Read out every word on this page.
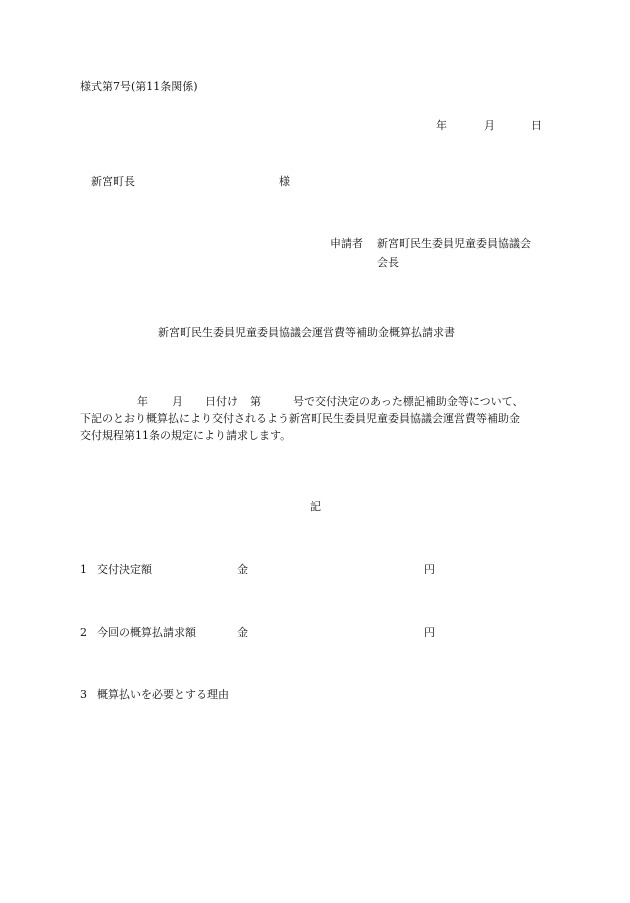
様式第7号(第11条関係)
年	月	日
新宮町長	様
申請者 新宮町民生委員児童委員協議会
会長
新宮町民生委員児童委員協議会運営費等補助金概算払請求書
年 月 日付け 第	号で交付決定のあった標記補助金等について、
下記のとおり概算払により交付されるよう新宮町民生委員児童委員協議会運営費等補助金
交付規程第11条の規定により請求します。
記
1 交付決定額	金	円
2 今回の概算払請求額	金	円
3 概算払いを必要とする理由
